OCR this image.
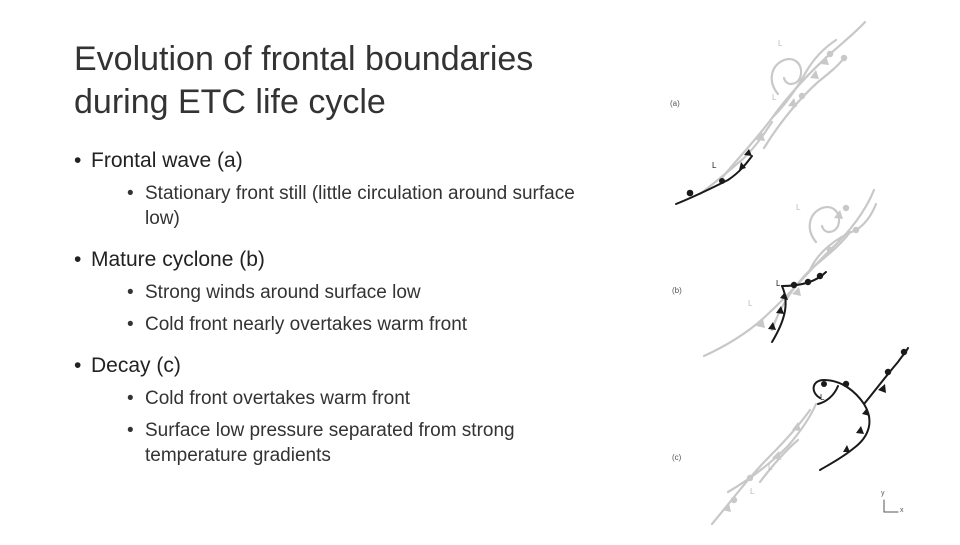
Evolution of frontal boundaries during ETC life cycle
• Frontal wave (a)
• Stationary front still (little circulation around surface low)
• Mature cyclone (b)
• Strong winds around surface low
• Cold front nearly overtakes warm front
• Decay (c)
• Cold front overtakes warm front
• Surface low pressure separated from strong temperature gradients
L
L
L
L
L
L
L
L
L
(a)
(b)
(c)
y
x
